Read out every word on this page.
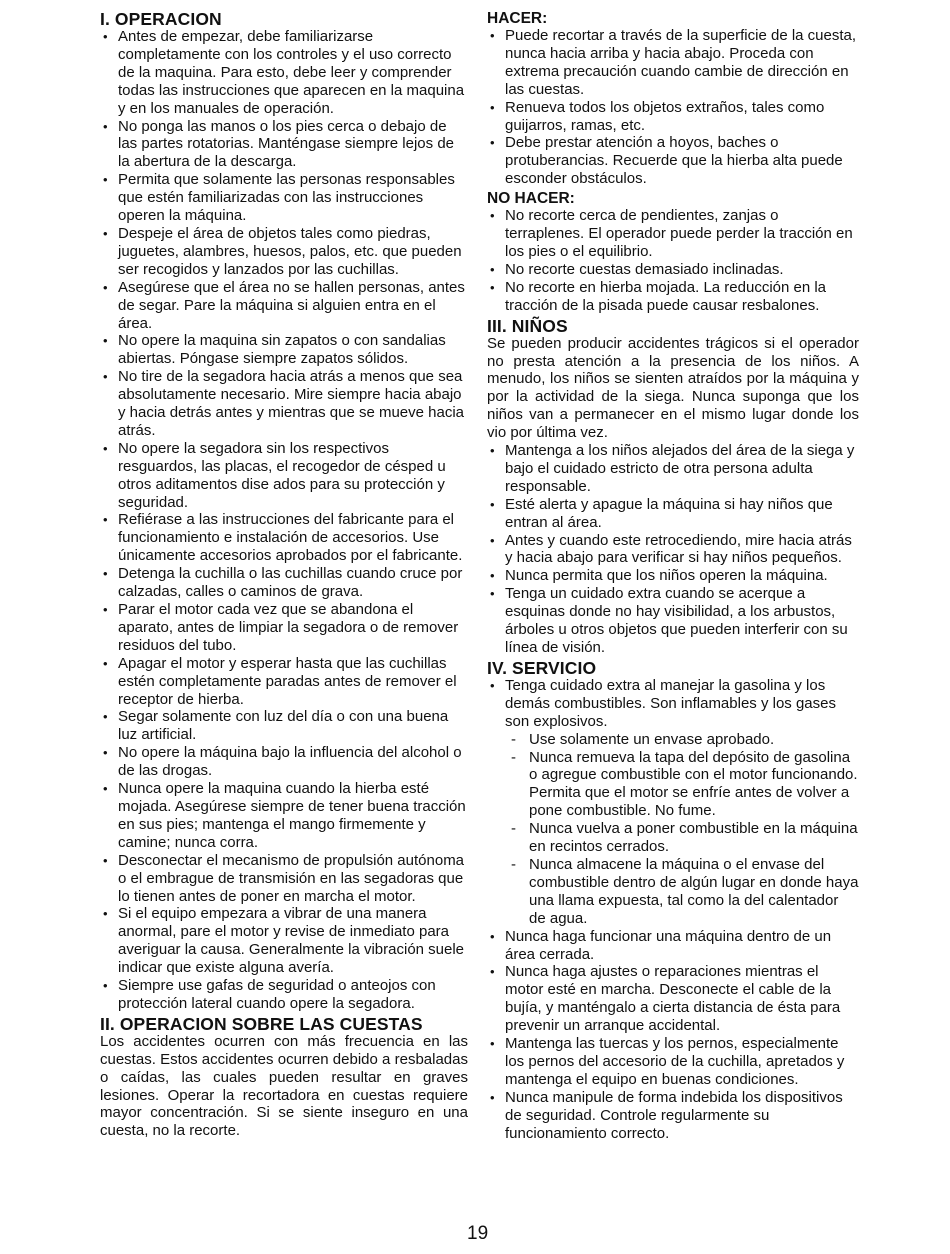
I. OPERACION
• Antes de empezar, debe familiarizarse completamente con los controles y el uso correcto de la maquina. Para esto, debe leer y comprender todas las instrucciones que aparecen en la maquina y en los manuales de operación.
• No ponga las manos o los pies cerca o debajo de las partes rotatorias. Manténgase siempre lejos de la abertura de la descarga.
• Permita que solamente las personas responsables que estén familiarizadas con las instrucciones operen la máquina.
• Despeje el área de objetos tales como piedras, juguetes, alambres, huesos, palos, etc. que pueden ser recogidos y lanzados por las cuchillas.
• Asegúrese que el área no se hallen personas, antes de segar. Pare la máquina si alguien entra en el área.
• No opere la maquina sin zapatos o con sandalias abiertas. Póngase siempre zapatos sólidos.
• No tire de la segadora hacia atrás a menos que sea absolutamente necesario. Mire siempre hacia abajo y hacia detrás antes y mientras que se mueve hacia atrás.
• No opere la segadora sin los respectivos resguardos, las placas, el recogedor de césped u otros aditamentos dise ados para su protección y seguridad.
• Refiérase a las instrucciones del fabricante para el funcionamiento e instalación de accesorios. Use únicamente accesorios aprobados por el fabricante.
• Detenga la cuchilla o las cuchillas cuando cruce por calzadas, calles o caminos de grava.
• Parar el motor cada vez que se abandona el aparato, antes de limpiar la segadora o de remover residuos del tubo.
• Apagar el motor y esperar hasta que las cuchillas estén completamente paradas antes de remover el receptor de hierba.
• Segar solamente con luz del día o con una buena luz artificial.
• No opere la máquina bajo la influencia del alcohol o de las drogas.
• Nunca opere la maquina cuando la hierba esté mojada. Asegúrese siempre de tener buena tracción en sus pies; mantenga el mango firmemente y camine; nunca corra.
• Desconectar el mecanismo de propulsión autónoma o el embrague de transmisión en las segadoras que lo tienen antes de poner en marcha el motor.
• Si el equipo empezara a vibrar de una manera anormal, pare el motor y revise de inmediato para averiguar la causa. Generalmente la vibración suele indicar que existe alguna avería.
• Siempre use gafas de seguridad o anteojos con protección lateral cuando opere la segadora.
II. OPERACION SOBRE LAS CUESTAS

Los accidentes ocurren con más frecuencia en las cuestas. Estos accidentes ocurren debido a resbaladas o caídas, las cuales pueden resultar en graves lesiones. Operar la recortadora en cuestas requiere mayor concentración. Si se siente inseguro en una cuesta, no la recorte.

HACER:
• Puede recortar a través de la superficie de la cuesta, nunca hacia arriba y hacia abajo. Proceda con extrema precaución cuando cambie de dirección en las cuestas.
• Renueva todos los objetos extraños, tales como guijarros, ramas, etc.
• Debe prestar atención a hoyos, baches o protuberancias. Recuerde que la hierba alta puede esconder obstáculos.
NO HACER:
• No recorte cerca de pendientes, zanjas o terraplenes. El operador puede perder la tracción en los pies o el equilibrio.
• No recorte cuestas demasiado inclinadas.
• No recorte en hierba mojada. La reducción en la tracción de la pisada puede causar resbalones.
III. NIÑOS

Se pueden producir accidentes trágicos si el operador no presta atención a la presencia de los niños. A menudo, los niños se sienten atraídos por la máquina y por la actividad de la siega. Nunca suponga que los niños van a permanecer en el mismo lugar donde los vio por última vez.

• Mantenga a los niños alejados del área de la siega y bajo el cuidado estricto de otra persona adulta responsable.
• Esté alerta y apague la máquina si hay niños que entran al área.
• Antes y cuando este retrocediendo, mire hacia atrás y hacia abajo para verificar si hay niños pequeños.
• Nunca permita que los niños operen la máquina.
• Tenga un cuidado extra cuando se acerque a esquinas donde no hay visibilidad, a los arbustos, árboles u otros objetos que pueden interferir con su línea de visión.
IV. SERVICIO
• Tenga cuidado extra al manejar la gasolina y los demás combustibles. Son inflamables y los gases son explosivos.
- Use solamente un envase aprobado.
- Nunca remueva la tapa del depósito de gasolina o agregue combustible con el motor funcionando. Permita que el motor se enfríe antes de volver a pone combustible. No fume.
- Nunca vuelva a poner combustible en la máquina en recintos cerrados.
- Nunca almacene la máquina o el envase del combustible dentro de algún lugar en donde haya una llama expuesta, tal como la del calentador de agua.
• Nunca haga funcionar una máquina dentro de un área cerrada.
• Nunca haga ajustes o reparaciones mientras el motor esté en marcha. Desconecte el cable de la bujía, y manténgalo a cierta distancia de ésta para prevenir un arranque accidental.
• Mantenga las tuercas y los pernos, especialmente los pernos del accesorio de la cuchilla, apretados y mantenga el equipo en buenas condiciones.
• Nunca manipule de forma indebida los dispositivos de seguridad. Controle regularmente su funcionamiento correcto.
19
